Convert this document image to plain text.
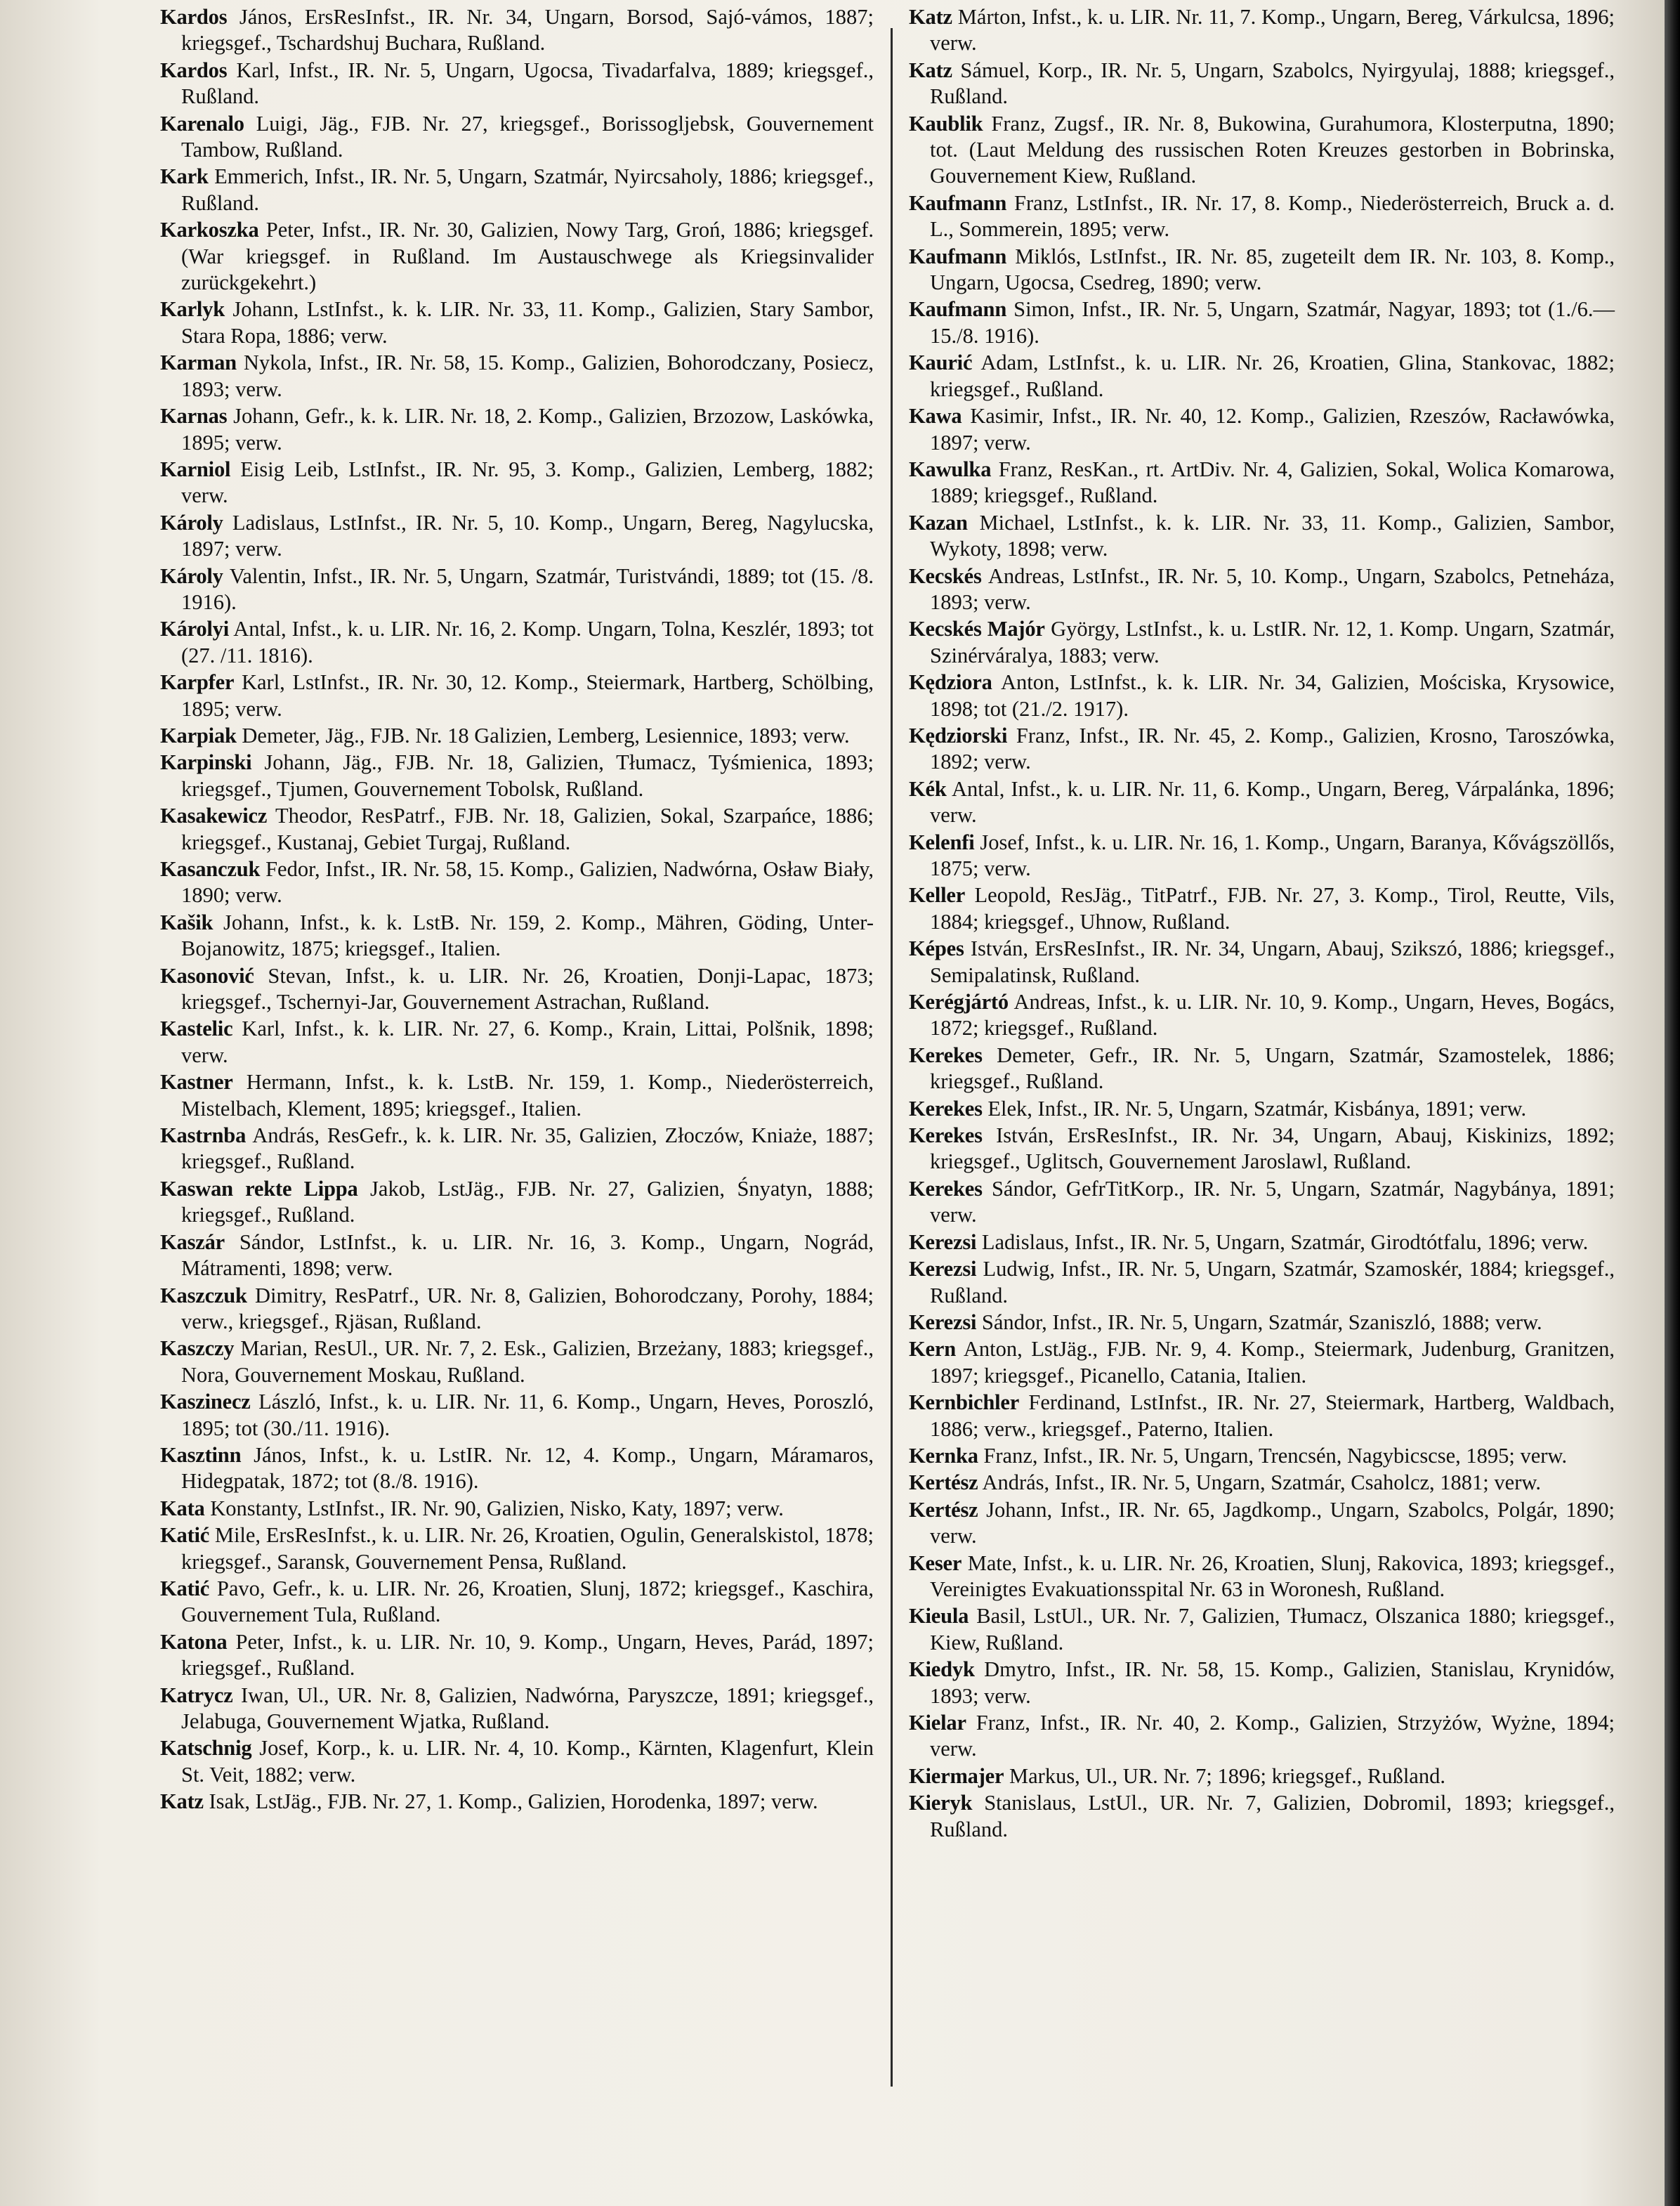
Kardos János, ErsResInfst., IR. Nr. 34, Ungarn, Borsod, Sajó-vámos, 1887; kriegsgef., Tschardshuj Buchara, Rußland.

Kardos Karl, Infst., IR. Nr. 5, Ungarn, Ugocsa, Tivadarfalva, 1889; kriegsgef., Rußland.

Karenalo Luigi, Jäg., FJB. Nr. 27, kriegsgef., Borissogljebsk, Gouvernement Tambow, Rußland.

Kark Emmerich, Infst., IR. Nr. 5, Ungarn, Szatmár, Nyircsaholy, 1886; kriegsgef., Rußland.

Karkoszka Peter, Infst., IR. Nr. 30, Galizien, Nowy Targ, Groń, 1886; kriegsgef. (War kriegsgef. in Rußland. Im Austauschwege als Kriegsinvalider zurückgekehrt.)

Karlyk Johann, LstInfst., k. k. LIR. Nr. 33, 11. Komp., Galizien, Stary Sambor, Stara Ropa, 1886; verw.

Karman Nykola, Infst., IR. Nr. 58, 15. Komp., Galizien, Bohorodczany, Posiecz, 1893; verw.

Karnas Johann, Gefr., k. k. LIR. Nr. 18, 2. Komp., Galizien, Brzozow, Laskówka, 1895; verw.

Karniol Eisig Leib, LstInfst., IR. Nr. 95, 3. Komp., Galizien, Lemberg, 1882; verw.

Károly Ladislaus, LstInfst., IR. Nr. 5, 10. Komp., Ungarn, Bereg, Nagylucska, 1897; verw.

Károly Valentin, Infst., IR. Nr. 5, Ungarn, Szatmár, Turistvándi, 1889; tot (15. /8. 1916).

Károlyi Antal, Infst., k. u. LIR. Nr. 16, 2. Komp. Ungarn, Tolna, Keszlér, 1893; tot (27. /11. 1816).

Karpfer Karl, LstInfst., IR. Nr. 30, 12. Komp., Steiermark, Hartberg, Schölbing, 1895; verw.

Karpiak Demeter, Jäg., FJB. Nr. 18 Galizien, Lemberg, Lesiennice, 1893; verw.

Karpinski Johann, Jäg., FJB. Nr. 18, Galizien, Tłumacz, Tyśmienica, 1893; kriegsgef., Tjumen, Gouvernement Tobolsk, Rußland.

Kasakewicz Theodor, ResPatrf., FJB. Nr. 18, Galizien, Sokal, Szarpańce, 1886; kriegsgef., Kustanaj, Gebiet Turgaj, Rußland.

Kasanczuk Fedor, Infst., IR. Nr. 58, 15. Komp., Galizien, Nadwórna, Osław Biały, 1890; verw.

Kašik Johann, Infst., k. k. LstB. Nr. 159, 2. Komp., Mähren, Göding, Unter-Bojanowitz, 1875; kriegsgef., Italien.

Kasonović Stevan, Infst., k. u. LIR. Nr. 26, Kroatien, Donji-Lapac, 1873; kriegsgef., Tschernyi-Jar, Gouvernement Astrachan, Rußland.

Kastelic Karl, Infst., k. k. LIR. Nr. 27, 6. Komp., Krain, Littai, Polšnik, 1898; verw.

Kastner Hermann, Infst., k. k. LstB. Nr. 159, 1. Komp., Niederösterreich, Mistelbach, Klement, 1895; kriegsgef., Italien.

Kastrnba András, ResGefr., k. k. LIR. Nr. 35, Galizien, Złoczów, Kniaże, 1887; kriegsgef., Rußland.

Kaswan rekte Lippa Jakob, LstJäg., FJB. Nr. 27, Galizien, Śnyatyn, 1888; kriegsgef., Rußland.

Kaszár Sándor, LstInfst., k. u. LIR. Nr. 16, 3. Komp., Ungarn, Nográd, Mátramenti, 1898; verw.

Kaszczuk Dimitry, ResPatrf., UR. Nr. 8, Galizien, Bohorodczany, Porohy, 1884; verw., kriegsgef., Rjäsan, Rußland.

Kaszczy Marian, ResUl., UR. Nr. 7, 2. Esk., Galizien, Brzeżany, 1883; kriegsgef., Nora, Gouvernement Moskau, Rußland.

Kaszinecz László, Infst., k. u. LIR. Nr. 11, 6. Komp., Ungarn, Heves, Poroszló, 1895; tot (30./11. 1916).

Kasztinn János, Infst., k. u. LstIR. Nr. 12, 4. Komp., Ungarn, Máramaros, Hidegpatak, 1872; tot (8./8. 1916).

Kata Konstanty, LstInfst., IR. Nr. 90, Galizien, Nisko, Katy, 1897; verw.

Katić Mile, ErsResInfst., k. u. LIR. Nr. 26, Kroatien, Ogulin, Generalskistol, 1878; kriegsgef., Saransk, Gouvernement Pensa, Rußland.

Katić Pavo, Gefr., k. u. LIR. Nr. 26, Kroatien, Slunj, 1872; kriegsgef., Kaschira, Gouvernement Tula, Rußland.

Katona Peter, Infst., k. u. LIR. Nr. 10, 9. Komp., Ungarn, Heves, Parád, 1897; kriegsgef., Rußland.

Katrycz Iwan, Ul., UR. Nr. 8, Galizien, Nadwórna, Paryszcze, 1891; kriegsgef., Jelabuga, Gouvernement Wjatka, Rußland.

Katschnig Josef, Korp., k. u. LIR. Nr. 4, 10. Komp., Kärnten, Klagenfurt, Klein St. Veit, 1882; verw.

Katz Isak, LstJäg., FJB. Nr. 27, 1. Komp., Galizien, Horodenka, 1897; verw.

Katz Márton, Infst., k. u. LIR. Nr. 11, 7. Komp., Ungarn, Bereg, Várkulcsa, 1896; verw.

Katz Sámuel, Korp., IR. Nr. 5, Ungarn, Szabolcs, Nyirgyulaj, 1888; kriegsgef., Rußland.

Kaublik Franz, Zugsf., IR. Nr. 8, Bukowina, Gurahumora, Klosterputna, 1890; tot. (Laut Meldung des russischen Roten Kreuzes gestorben in Bobrinska, Gouvernement Kiew, Rußland.

Kaufmann Franz, LstInfst., IR. Nr. 17, 8. Komp., Niederösterreich, Bruck a. d. L., Sommerein, 1895; verw.

Kaufmann Miklós, LstInfst., IR. Nr. 85, zugeteilt dem IR. Nr. 103, 8. Komp., Ungarn, Ugocsa, Csedreg, 1890; verw.

Kaufmann Simon, Infst., IR. Nr. 5, Ungarn, Szatmár, Nagyar, 1893; tot (1./6.—15./8. 1916).

Kaurić Adam, LstInfst., k. u. LIR. Nr. 26, Kroatien, Glina, Stankovac, 1882; kriegsgef., Rußland.

Kawa Kasimir, Infst., IR. Nr. 40, 12. Komp., Galizien, Rzeszów, Racławówka, 1897; verw.

Kawulka Franz, ResKan., rt. ArtDiv. Nr. 4, Galizien, Sokal, Wolica Komarowa, 1889; kriegsgef., Rußland.

Kazan Michael, LstInfst., k. k. LIR. Nr. 33, 11. Komp., Galizien, Sambor, Wykoty, 1898; verw.

Kecskés Andreas, LstInfst., IR. Nr. 5, 10. Komp., Ungarn, Szabolcs, Petneháza, 1893; verw.

Kecskés Majór György, LstInfst., k. u. LstIR. Nr. 12, 1. Komp. Ungarn, Szatmár, Szinérváralya, 1883; verw.

Kędziora Anton, LstInfst., k. k. LIR. Nr. 34, Galizien, Mościska, Krysowice, 1898; tot (21./2. 1917).

Kędziorski Franz, Infst., IR. Nr. 45, 2. Komp., Galizien, Krosno, Taroszówka, 1892; verw.

Kék Antal, Infst., k. u. LIR. Nr. 11, 6. Komp., Ungarn, Bereg, Várpalánka, 1896; verw.

Kelenfi Josef, Infst., k. u. LIR. Nr. 16, 1. Komp., Ungarn, Baranya, Kővágszöllős, 1875; verw.

Keller Leopold, ResJäg., TitPatrf., FJB. Nr. 27, 3. Komp., Tirol, Reutte, Vils, 1884; kriegsgef., Uhnow, Rußland.

Képes István, ErsResInfst., IR. Nr. 34, Ungarn, Abauj, Szikszó, 1886; kriegsgef., Semipalatinsk, Rußland.

Kerégjártó Andreas, Infst., k. u. LIR. Nr. 10, 9. Komp., Ungarn, Heves, Bogács, 1872; kriegsgef., Rußland.

Kerekes Demeter, Gefr., IR. Nr. 5, Ungarn, Szatmár, Szamostelek, 1886; kriegsgef., Rußland.

Kerekes Elek, Infst., IR. Nr. 5, Ungarn, Szatmár, Kisbánya, 1891; verw.

Kerekes István, ErsResInfst., IR. Nr. 34, Ungarn, Abauj, Kiskinizs, 1892; kriegsgef., Uglitsch, Gouvernement Jaroslawl, Rußland.

Kerekes Sándor, GefrTitKorp., IR. Nr. 5, Ungarn, Szatmár, Nagybánya, 1891; verw.

Kerezsi Ladislaus, Infst., IR. Nr. 5, Ungarn, Szatmár, Girodtótfalu, 1896; verw.

Kerezsi Ludwig, Infst., IR. Nr. 5, Ungarn, Szatmár, Szamoskér, 1884; kriegsgef., Rußland.

Kerezsi Sándor, Infst., IR. Nr. 5, Ungarn, Szatmár, Szaniszló, 1888; verw.

Kern Anton, LstJäg., FJB. Nr. 9, 4. Komp., Steiermark, Judenburg, Granitzen, 1897; kriegsgef., Picanello, Catania, Italien.

Kernbichler Ferdinand, LstInfst., IR. Nr. 27, Steiermark, Hartberg, Waldbach, 1886; verw., kriegsgef., Paterno, Italien.

Kernka Franz, Infst., IR. Nr. 5, Ungarn, Trencsén, Nagybicscse, 1895; verw.

Kertész András, Infst., IR. Nr. 5, Ungarn, Szatmár, Csaholcz, 1881; verw.

Kertész Johann, Infst., IR. Nr. 65, Jagdkomp., Ungarn, Szabolcs, Polgár, 1890; verw.

Keser Mate, Infst., k. u. LIR. Nr. 26, Kroatien, Slunj, Rakovica, 1893; kriegsgef., Vereinigtes Evakuationsspital Nr. 63 in Woronesh, Rußland.

Kieula Basil, LstUl., UR. Nr. 7, Galizien, Tłumacz, Olszanica 1880; kriegsgef., Kiew, Rußland.

Kiedyk Dmytro, Infst., IR. Nr. 58, 15. Komp., Galizien, Stanislau, Krynidów, 1893; verw.

Kielar Franz, Infst., IR. Nr. 40, 2. Komp., Galizien, Strzyżów, Wyżne, 1894; verw.

Kiermajer Markus, Ul., UR. Nr. 7; 1896; kriegsgef., Rußland.

Kieryk Stanislaus, LstUl., UR. Nr. 7, Galizien, Dobromil, 1893; kriegsgef., Rußland.
